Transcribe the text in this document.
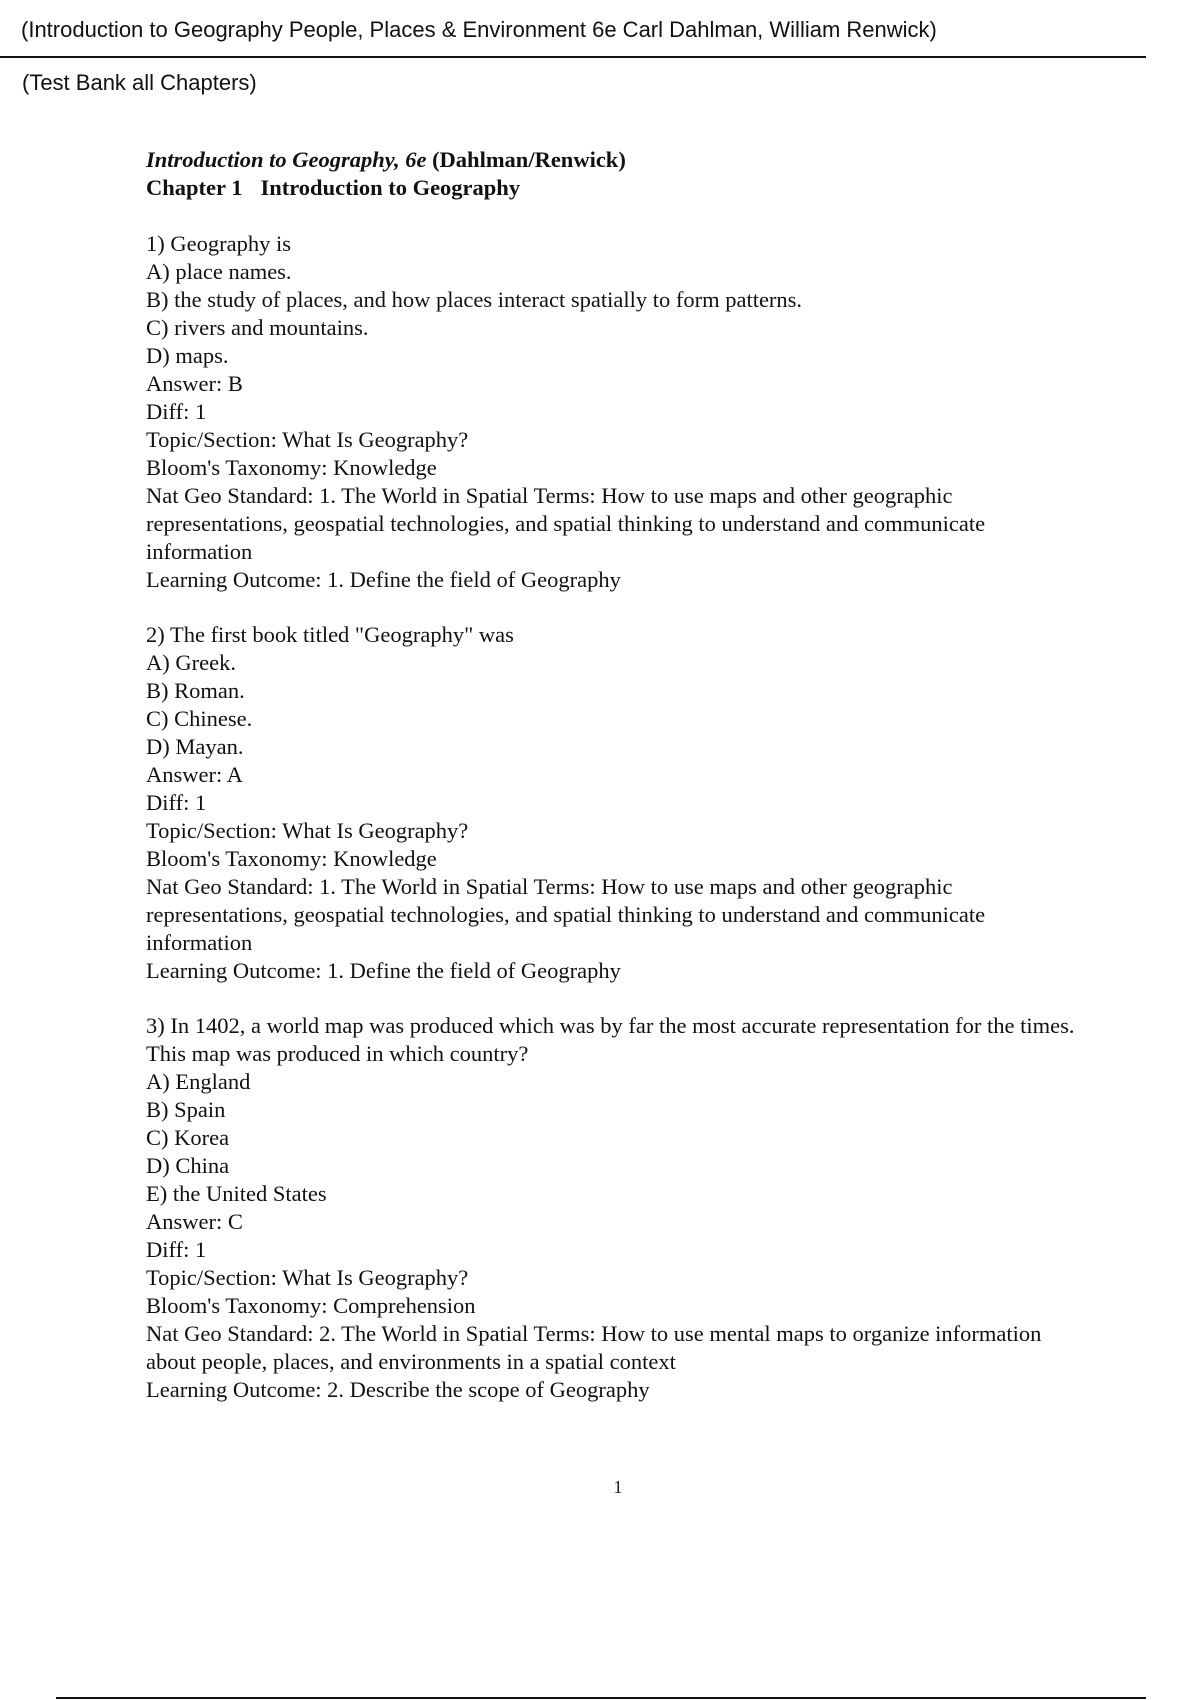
(Introduction to Geography People, Places & Environment 6e Carl Dahlman, William Renwick)
(Test Bank all Chapters)
Introduction to Geography, 6e (Dahlman/Renwick)
Chapter 1 Introduction to Geography
1) Geography is
A) place names.
B) the study of places, and how places interact spatially to form patterns.
C) rivers and mountains.
D) maps.
Answer: B
Diff: 1
Topic/Section: What Is Geography?
Bloom's Taxonomy: Knowledge
Nat Geo Standard: 1. The World in Spatial Terms: How to use maps and other geographic representations, geospatial technologies, and spatial thinking to understand and communicate information
Learning Outcome: 1. Define the field of Geography
2) The first book titled "Geography" was
A) Greek.
B) Roman.
C) Chinese.
D) Mayan.
Answer: A
Diff: 1
Topic/Section: What Is Geography?
Bloom's Taxonomy: Knowledge
Nat Geo Standard: 1. The World in Spatial Terms: How to use maps and other geographic representations, geospatial technologies, and spatial thinking to understand and communicate information
Learning Outcome: 1. Define the field of Geography
3) In 1402, a world map was produced which was by far the most accurate representation for the times. This map was produced in which country?
A) England
B) Spain
C) Korea
D) China
E) the United States
Answer: C
Diff: 1
Topic/Section: What Is Geography?
Bloom's Taxonomy: Comprehension
Nat Geo Standard: 2. The World in Spatial Terms: How to use mental maps to organize information about people, places, and environments in a spatial context
Learning Outcome: 2. Describe the scope of Geography
1
